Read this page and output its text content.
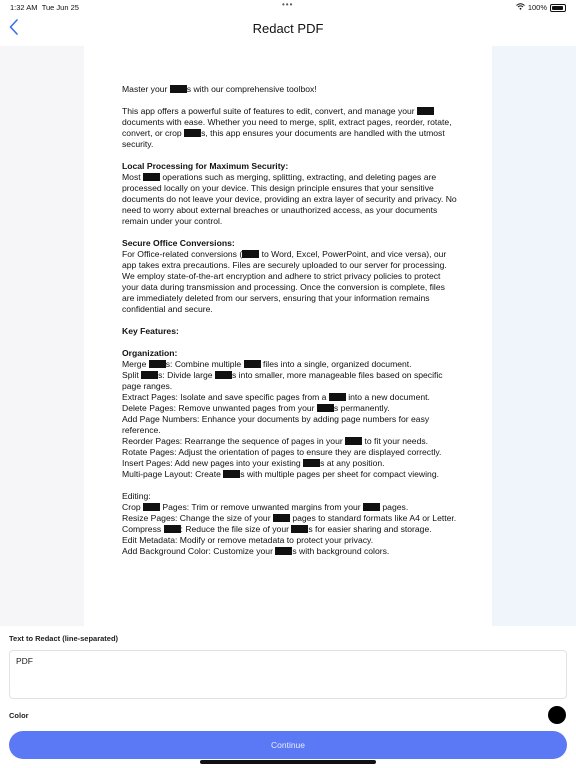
1:32 AM Tue Jun 25	•••	100%
Redact PDF

Master your s with our comprehensive toolbox!

This app offers a powerful suite of features to edit, convert, and manage your  documents with ease. Whether you need to merge, split, extract pages, reorder, rotate, convert, or crop s, this app ensures your documents are handled with the utmost security.

Local Processing for Maximum Security:

Most  operations such as merging, splitting, extracting, and deleting pages are processed locally on your device. This design principle ensures that your sensitive documents do not leave your device, providing an extra layer of security and privacy. No need to worry about external breaches or unauthorized access, as your documents remain under your control.

Secure Office Conversions:

For Office-related conversions ( to Word, Excel, PowerPoint, and vice versa), our app takes extra precautions. Files are securely uploaded to our server for processing. We employ state-of-the-art encryption and adhere to strict privacy policies to protect your data during transmission and processing. Once the conversion is complete, files are immediately deleted from our servers, ensuring that your information remains confidential and secure.

Key Features:

Organization:

Merge s: Combine multiple  files into a single, organized document.

Split s: Divide large s into smaller, more manageable files based on specific page ranges.

Extract Pages: Isolate and save specific pages from a  into a new document.

Delete Pages: Remove unwanted pages from your s permanently.

Add Page Numbers: Enhance your documents by adding page numbers for easy reference.

Reorder Pages: Rearrange the sequence of pages in your  to fit your needs.

Rotate Pages: Adjust the orientation of pages to ensure they are displayed correctly.

Insert Pages: Add new pages into your existing s at any position.

Multi-page Layout: Create s with multiple pages per sheet for compact viewing.

Editing:

Crop  Pages: Trim or remove unwanted margins from your  pages.

Resize Pages: Change the size of your  pages to standard formats like A4 or Letter.

Compress : Reduce the file size of your s for easier sharing and storage.

Edit Metadata: Modify or remove metadata to protect your privacy.

Add Background Color: Customize your s with background colors.

Text to Redact (line-separated)
PDF
Color
Continue
